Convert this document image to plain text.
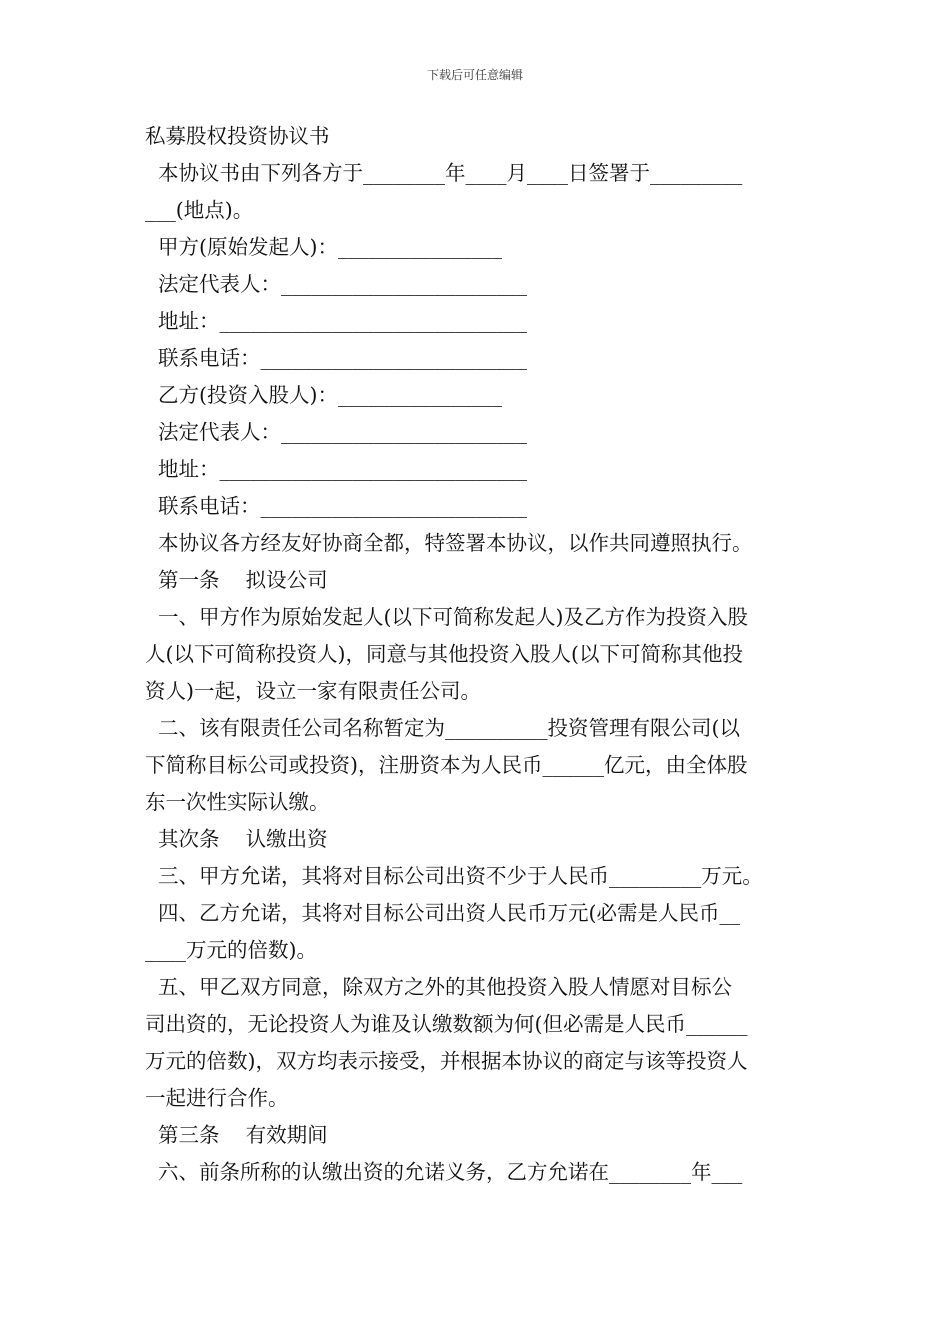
下载后可任意编辑

私募股权投资协议书

本协议书由下列各方于________年____月____日签署于_________

___(地点)。

甲方(原始发起人)：________________

法定代表人：________________________

地址：______________________________

联系电话：__________________________

乙方(投资入股人)：________________

法定代表人：________________________

地址：______________________________

联系电话：__________________________

本协议各方经友好协商全都，特签署本协议，以作共同遵照执行。

第一条    拟设公司

一、甲方作为原始发起人(以下可简称发起人)及乙方作为投资入股

人(以下可简称投资人)，同意与其他投资入股人(以下可简称其他投

资人)一起，设立一家有限责任公司。

二、该有限责任公司名称暂定为__________投资管理有限公司(以

下简称目标公司或投资)，注册资本为人民币______亿元，由全体股

东一次性实际认缴。

其次条    认缴出资

三、甲方允诺，其将对目标公司出资不少于人民币_________万元。

四、乙方允诺，其将对目标公司出资人民币万元(必需是人民币__

____万元的倍数)。

五、甲乙双方同意，除双方之外的其他投资入股人情愿对目标公

司出资的，无论投资人为谁及认缴数额为何(但必需是人民币______

万元的倍数)，双方均表示接受，并根据本协议的商定与该等投资人

一起进行合作。

第三条    有效期间

六、前条所称的认缴出资的允诺义务，乙方允诺在________年___
